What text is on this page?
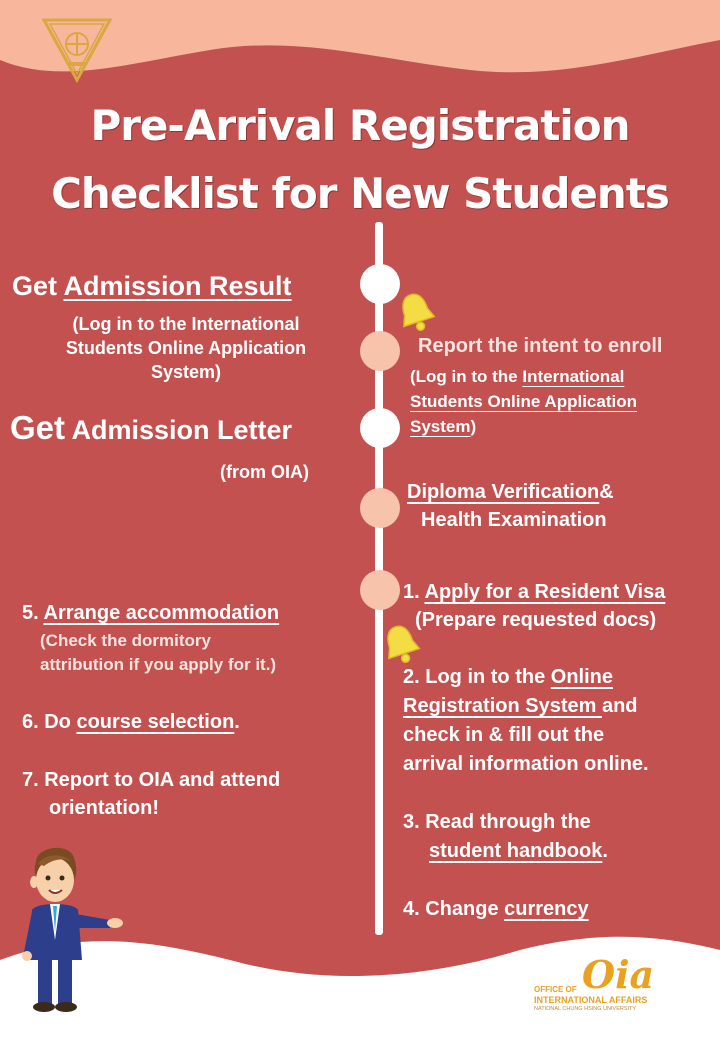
Pre-Arrival Registration
Checklist for New Students
Get Admission Result
(Log in to the International
Students Online Application
System)
Get Admission Letter
(from OIA)
5. Arrange accommodation
(Check the dormitory
attribution if you apply for it.)
6. Do course selection.
7. Report to OIA and attend
orientation!
Report the intent to enroll
(Log in to the International
Students Online Application
System)
Diploma Verification&
Health Examination
1. Apply for a Resident Visa
(Prepare requested docs)
2. Log in to the Online
Registration System and
check in & fill out the
arrival information online.
3. Read through the
student handbook.
4. Change currency
Oia
OFFICE OF
INTERNATIONAL AFFAIRS
NATIONAL CHUNG HSING UNIVERSITY
